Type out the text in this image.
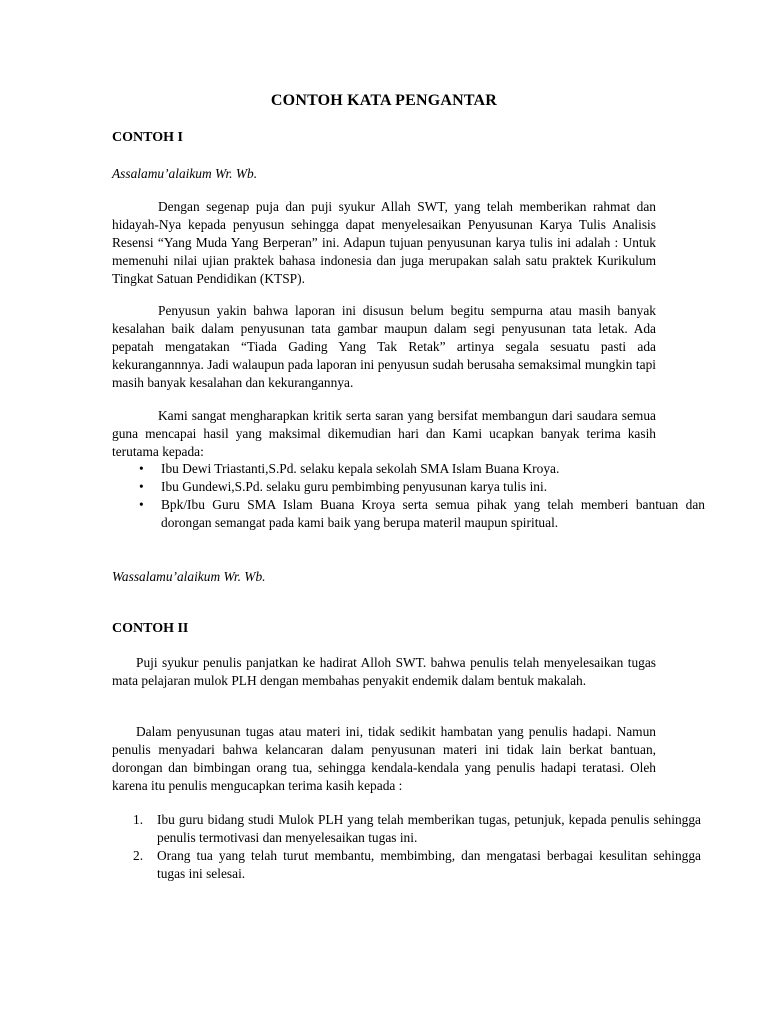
CONTOH KATA PENGANTAR
CONTOH I
Assalamu’alaikum Wr. Wb.

Dengan segenap puja dan puji syukur Allah SWT, yang telah memberikan rahmat dan hidayah-Nya kepada penyusun sehingga dapat menyelesaikan Penyusunan Karya Tulis Analisis Resensi “Yang Muda Yang Berperan” ini. Adapun tujuan penyusunan karya tulis ini adalah : Untuk memenuhi nilai ujian praktek bahasa indonesia dan juga merupakan salah satu praktek Kurikulum Tingkat Satuan Pendidikan (KTSP).

Penyusun yakin bahwa laporan ini disusun belum begitu sempurna atau masih banyak kesalahan baik dalam penyusunan tata gambar maupun dalam segi penyusunan tata letak. Ada pepatah mengatakan “Tiada Gading Yang Tak Retak” artinya segala sesuatu pasti ada kekurangannnya. Jadi walaupun pada laporan ini penyusun sudah berusaha semaksimal mungkin tapi masih banyak kesalahan dan kekurangannya.

Kami sangat mengharapkan kritik serta saran yang bersifat membangun dari saudara semua guna mencapai hasil yang maksimal dikemudian hari dan Kami ucapkan banyak terima kasih terutama kepada:

• Ibu Dewi Triastanti,S.Pd. selaku kepala sekolah SMA Islam Buana Kroya.
• Ibu Gundewi,S.Pd. selaku guru pembimbing penyusunan karya tulis ini.
• Bpk/Ibu Guru SMA Islam Buana Kroya serta semua pihak yang telah memberi bantuan dan dorongan semangat pada kami baik yang berupa materil maupun spiritual.
Wassalamu’alaikum Wr. Wb.
CONTOH II

Puji syukur penulis panjatkan ke hadirat Alloh SWT. bahwa penulis telah menyelesaikan tugas mata pelajaran mulok PLH dengan membahas penyakit endemik dalam bentuk makalah.

Dalam penyusunan tugas atau materi ini, tidak sedikit hambatan yang penulis hadapi. Namun penulis menyadari bahwa kelancaran dalam penyusunan materi ini tidak lain berkat bantuan, dorongan dan bimbingan orang tua, sehingga kendala-kendala yang penulis hadapi teratasi. Oleh karena itu penulis mengucapkan terima kasih kepada :

1. Ibu guru bidang studi Mulok PLH yang telah memberikan tugas, petunjuk, kepada penulis sehingga penulis termotivasi dan menyelesaikan tugas ini.
2. Orang tua yang telah turut membantu, membimbing, dan mengatasi berbagai kesulitan sehingga tugas ini selesai.
